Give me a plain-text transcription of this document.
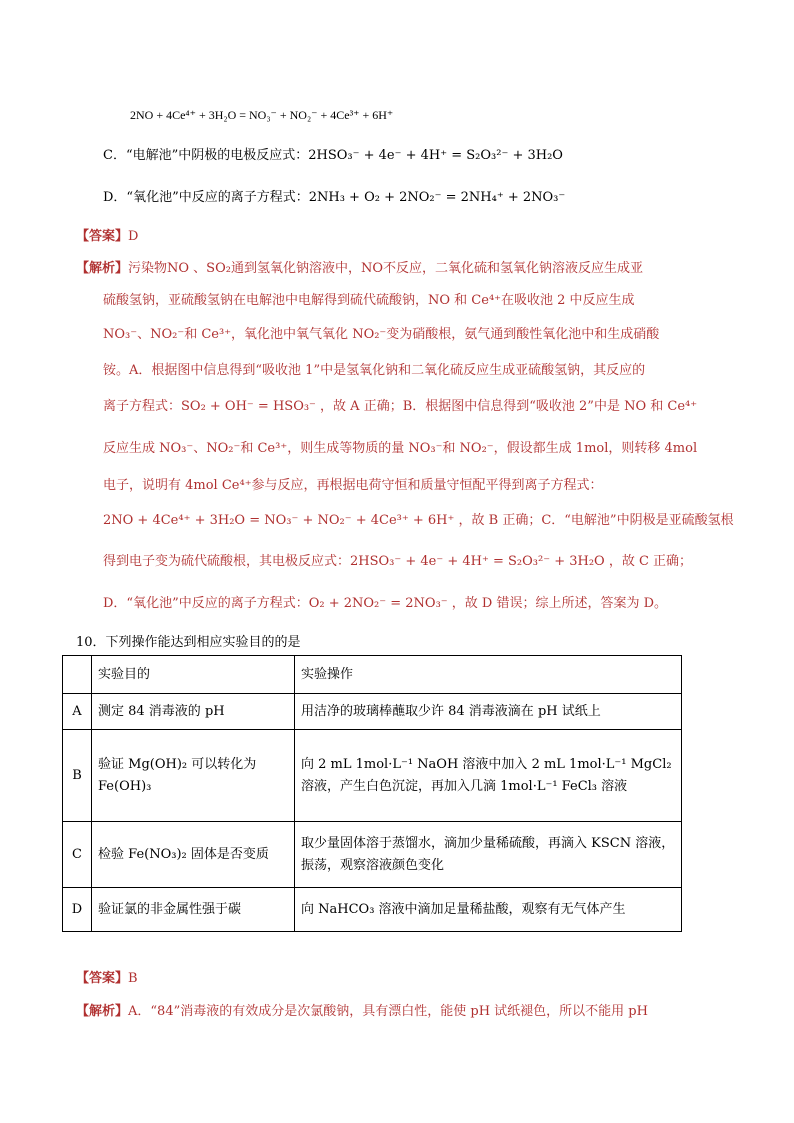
2NO + 4Ce⁴⁺ + 3H₂O = NO₃⁻ + NO₂⁻ + 4Ce³⁺ + 6H⁺
C．“电解池”中阴极的电极反应式：2HSO₃⁻ + 4e⁻ + 4H⁺ = S₂O₃²⁻ + 3H₂O
D．“氧化池”中反应的离子方程式：2NH₃ + O₂ + 2NO₂⁻ = 2NH₄⁺ + 2NO₃⁻
【答案】D
【解析】污染物NO 、SO₂通到氢氧化钠溶液中，NO不反应，二氧化硫和氢氧化钠溶液反应生成亚
硫酸氢钠，亚硫酸氢钠在电解池中电解得到硫代硫酸钠，NO 和 Ce⁴⁺在吸收池 2 中反应生成
NO₃⁻、NO₂⁻和 Ce³⁺，氧化池中氧气氧化 NO₂⁻变为硝酸根，氨气通到酸性氧化池中和生成硝酸
铵。A．根据图中信息得到“吸收池 1”中是氢氧化钠和二氧化硫反应生成亚硫酸氢钠，其反应的
离子方程式：SO₂ + OH⁻ = HSO₃⁻ ，故 A 正确；B．根据图中信息得到“吸收池 2”中是 NO 和 Ce⁴⁺
反应生成 NO₃⁻、NO₂⁻和 Ce³⁺，则生成等物质的量 NO₃⁻和 NO₂⁻，假设都生成 1mol，则转移 4mol
电子，说明有 4mol Ce⁴⁺参与反应，再根据电荷守恒和质量守恒配平得到离子方程式：
2NO + 4Ce⁴⁺ + 3H₂O = NO₃⁻ + NO₂⁻ + 4Ce³⁺ + 6H⁺ ，故 B 正确；C．“电解池”中阴极是亚硫酸氢根
得到电子变为硫代硫酸根，其电极反应式：2HSO₃⁻ + 4e⁻ + 4H⁺ = S₂O₃²⁻ + 3H₂O ，故 C 正确；
D．“氧化池”中反应的离子方程式：O₂ + 2NO₂⁻ = 2NO₃⁻ ，故 D 错误；综上所述，答案为 D。
10．下列操作能达到相应实验目的的是
	实验目的	实验操作
A	测定 84 消毒液的 pH	用洁净的玻璃棒蘸取少许 84 消毒液滴在 pH 试纸上
B	验证 Mg(OH)₂ 可以转化为 Fe(OH)₃	向 2 mL 1mol·L⁻¹ NaOH 溶液中加入 2 mL 1mol·L⁻¹ MgCl₂ 溶液，产生白色沉淀，再加入几滴 1mol·L⁻¹ FeCl₃ 溶液
C	检验 Fe(NO₃)₂ 固体是否变质	取少量固体溶于蒸馏水，滴加少量稀硫酸，再滴入 KSCN 溶液，振荡，观察溶液颜色变化
D	验证氯的非金属性强于碳	向 NaHCO₃ 溶液中滴加足量稀盐酸，观察有无气体产生
【答案】B
【解析】A．“84”消毒液的有效成分是次氯酸钠，具有漂白性，能使 pH 试纸褪色，所以不能用 pH
